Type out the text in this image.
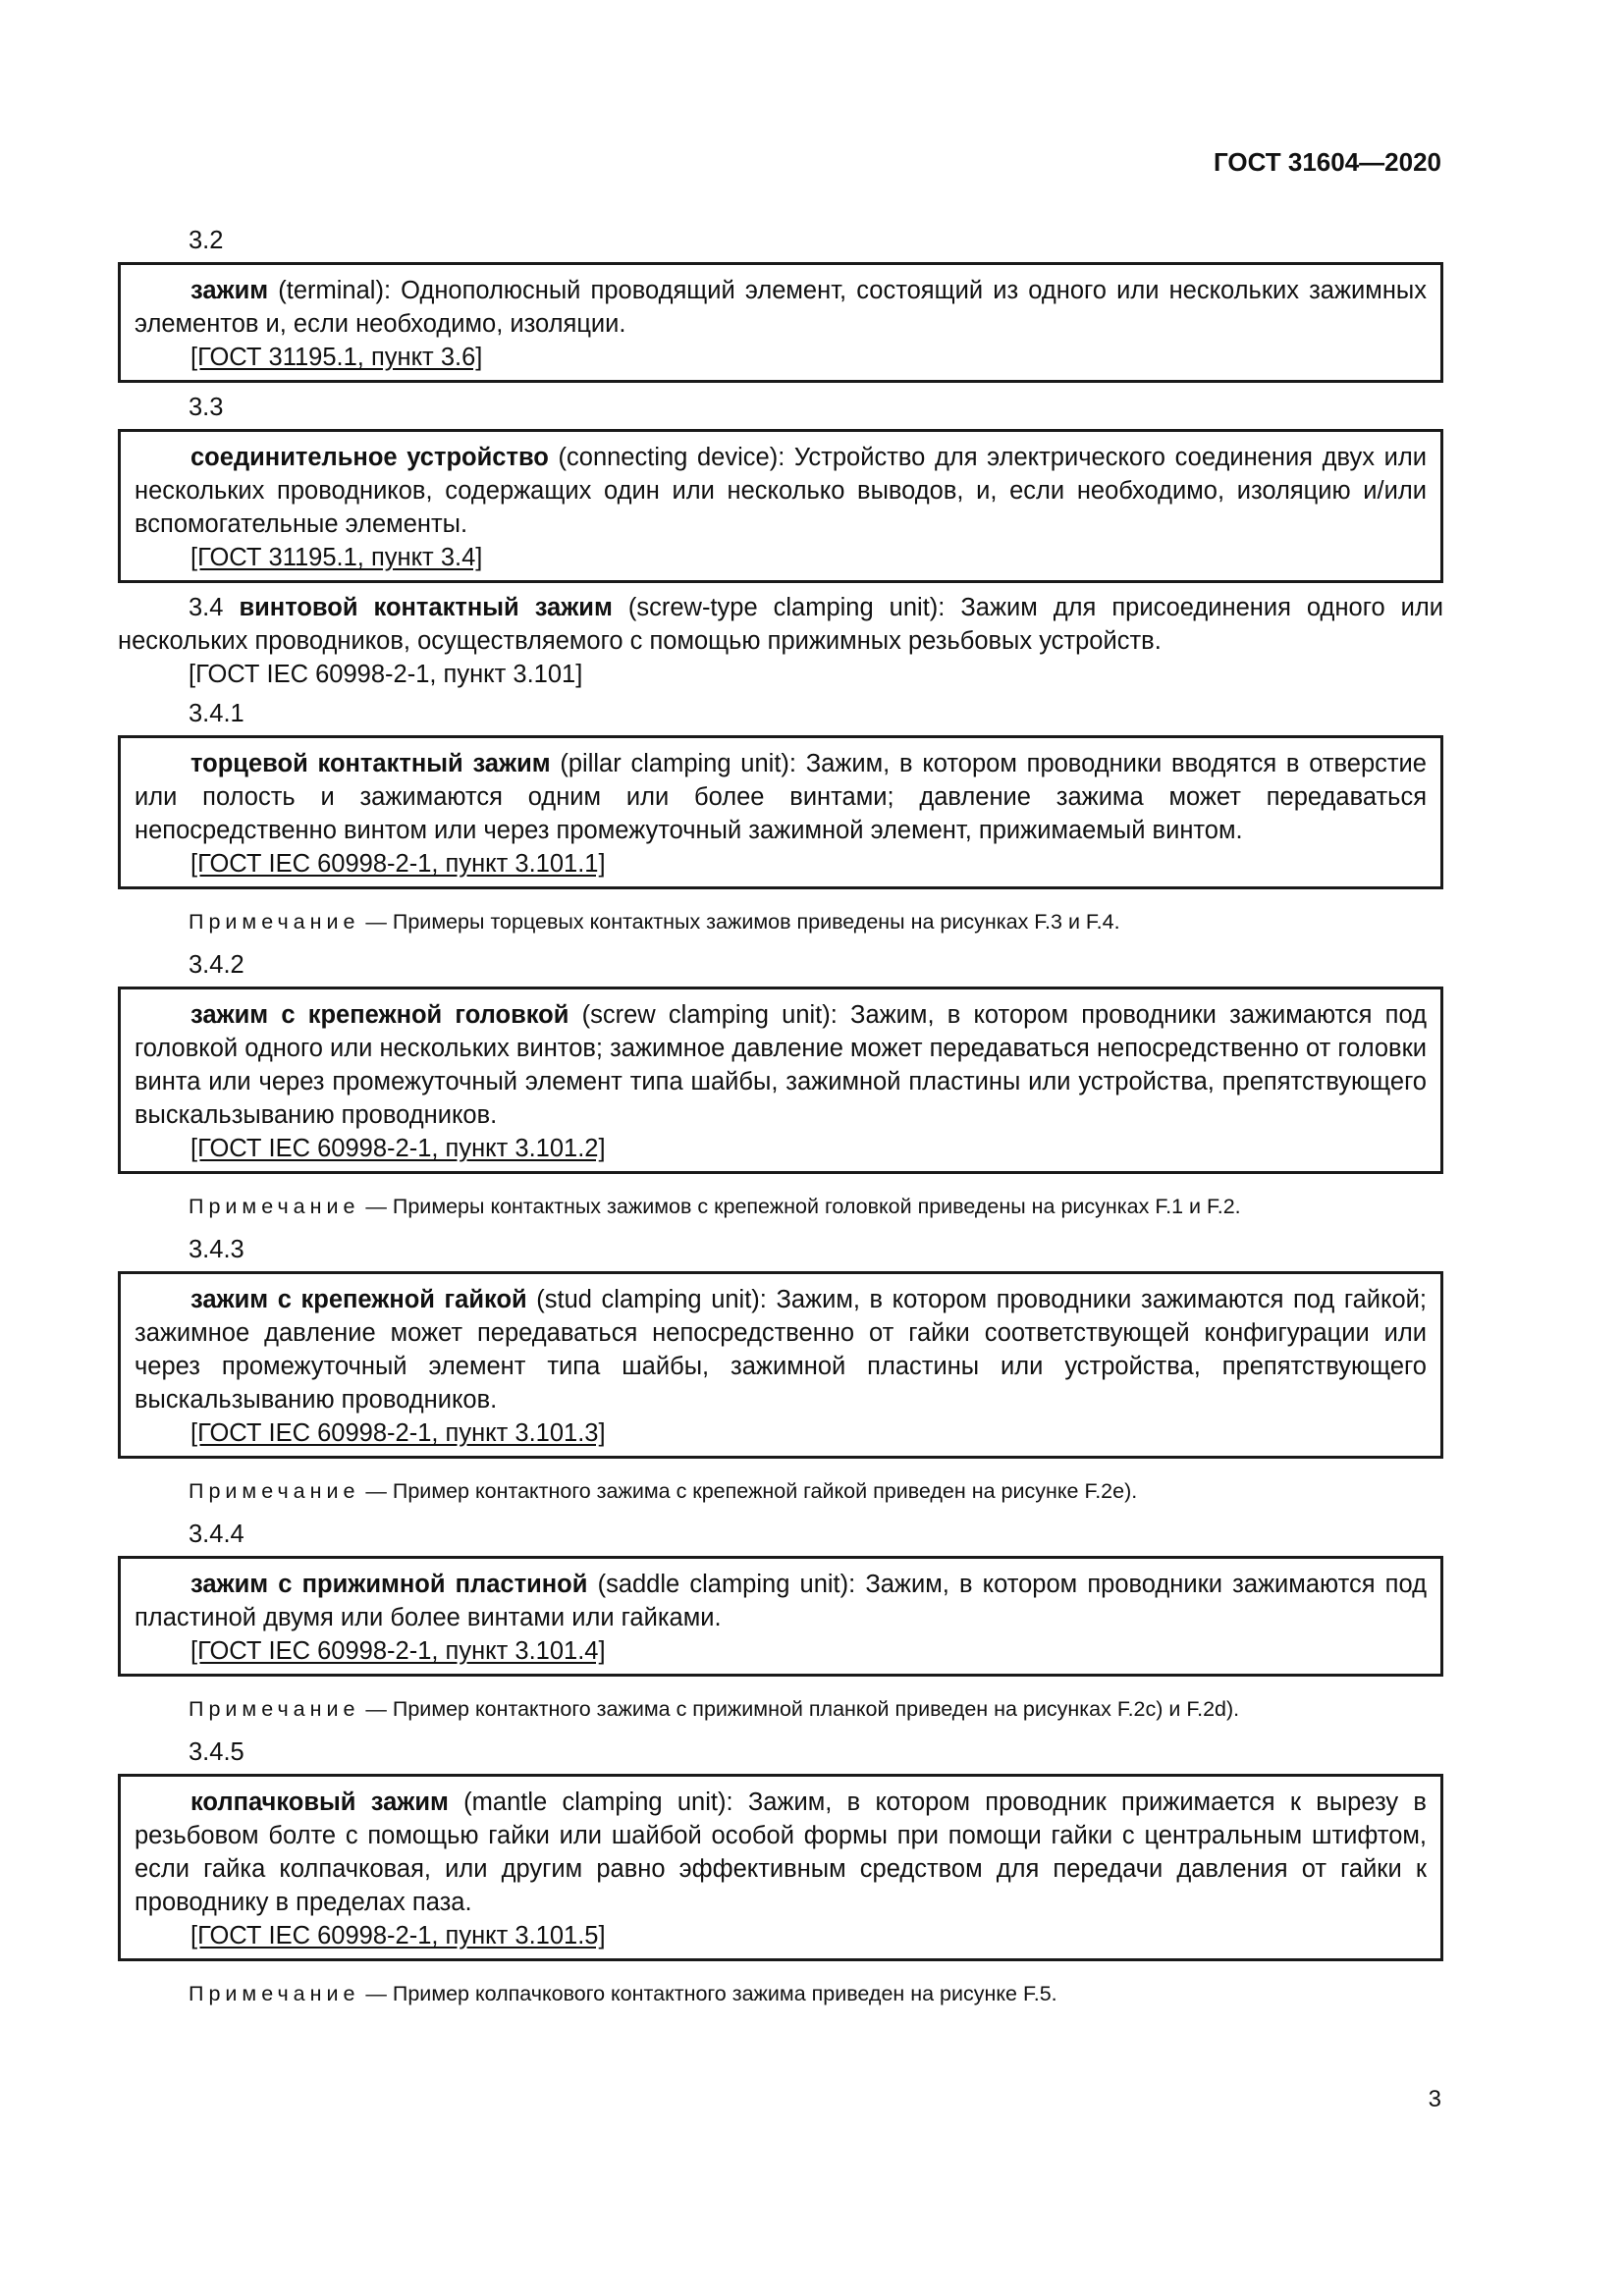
ГОСТ 31604—2020
3.2

зажим (terminal): Однополюсный проводящий элемент, состоящий из одного или нескольких зажимных элементов и, если необходимо, изоляции.

[ГОСТ 31195.1, пункт 3.6]
3.3

соединительное устройство (connecting device): Устройство для электрического соединения двух или нескольких проводников, содержащих один или несколько выводов, и, если необходимо, изоляцию и/или вспомогательные элементы.

[ГОСТ 31195.1, пункт 3.4]

3.4 винтовой контактный зажим (screw-type clamping unit): Зажим для присоединения одного или нескольких проводников, осуществляемого с помощью прижимных резьбовых устройств.

[ГОСТ IEC 60998-2-1, пункт 3.101]
3.4.1

торцевой контактный зажим (pillar clamping unit): Зажим, в котором проводники вводятся в отверстие или полость и зажимаются одним или более винтами; давление зажима может передаваться непосредственно винтом или через промежуточный зажимной элемент, прижимаемый винтом.

[ГОСТ IEC 60998-2-1, пункт 3.101.1]
Примечание — Примеры торцевых контактных зажимов приведены на рисунках F.3 и F.4.
3.4.2

зажим с крепежной головкой (screw clamping unit): Зажим, в котором проводники зажимаются под головкой одного или нескольких винтов; зажимное давление может передаваться непосредственно от головки винта или через промежуточный элемент типа шайбы, зажимной пластины или устройства, препятствующего выскальзыванию проводников.

[ГОСТ IEC 60998-2-1, пункт 3.101.2]
Примечание — Примеры контактных зажимов с крепежной головкой приведены на рисунках F.1 и F.2.
3.4.3

зажим с крепежной гайкой (stud clamping unit): Зажим, в котором проводники зажимаются под гайкой; зажимное давление может передаваться непосредственно от гайки соответствующей конфигурации или через промежуточный элемент типа шайбы, зажимной пластины или устройства, препятствующего выскальзыванию проводников.

[ГОСТ IEC 60998-2-1, пункт 3.101.3]
Примечание — Пример контактного зажима с крепежной гайкой приведен на рисунке F.2e).
3.4.4

зажим с прижимной пластиной (saddle clamping unit): Зажим, в котором проводники зажимаются под пластиной двумя или более винтами или гайками.

[ГОСТ IEC 60998-2-1, пункт 3.101.4]
Примечание — Пример контактного зажима с прижимной планкой приведен на рисунках F.2c) и F.2d).
3.4.5

колпачковый зажим (mantle clamping unit): Зажим, в котором проводник прижимается к вырезу в резьбовом болте с помощью гайки или шайбой особой формы при помощи гайки с центральным штифтом, если гайка колпачковая, или другим равно эффективным средством для передачи давления от гайки к проводнику в пределах паза.

[ГОСТ IEC 60998-2-1, пункт 3.101.5]
Примечание — Пример колпачкового контактного зажима приведен на рисунке F.5.
3
